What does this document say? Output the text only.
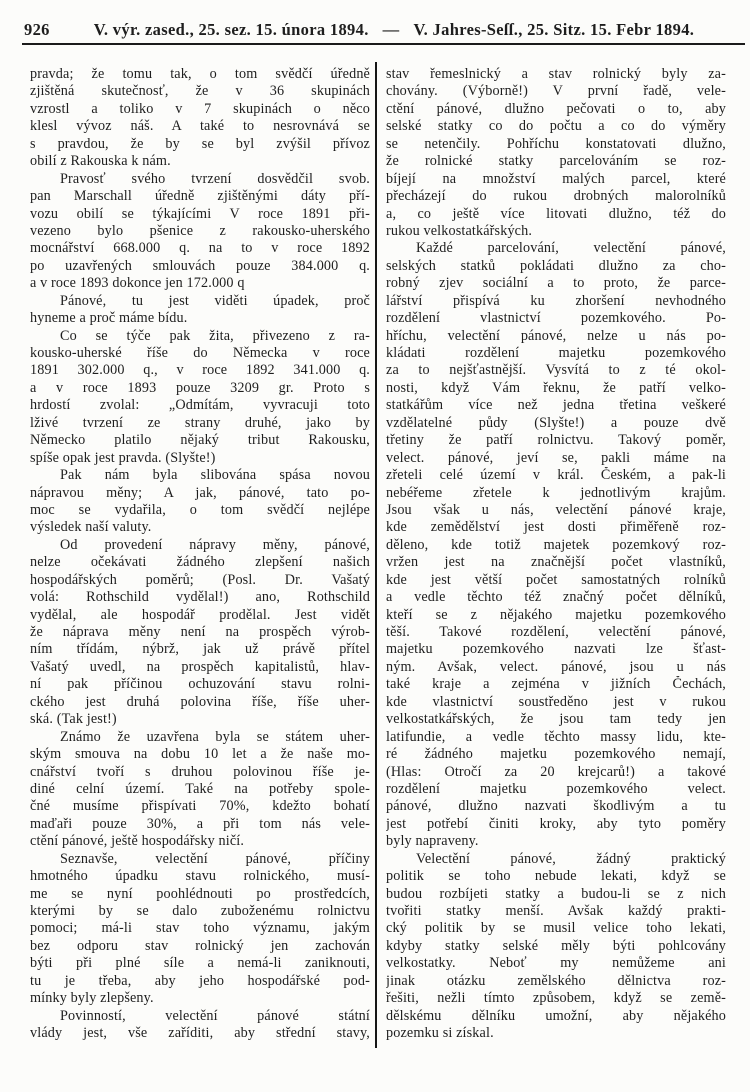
926	V. výr. zased., 25. sez. 15. února 1894. — V. Jahres-Seſſ., 25. Sitz. 15. Febr 1894.
pravda; že tomu tak, o tom svědčí úředně
zjištěná skutečnosť, že v 36 skupinách
vzrostl a toliko v 7 skupinách o něco
klesl vývoz náš. A také to nesrovnává se
s pravdou, že by se byl zvýšil přívoz
obilí z Rakouska k nám.
Pravosť svého tvrzení dosvědčil svob.
pan Marschall úředně zjištěnými dáty pří-
vozu obilí se týkajícími V roce 1891 při-
vezeno bylo pšenice z rakousko-uherského
mocnářství 668.000 q. na to v roce 1892
po uzavřených smlouvách pouze 384.000 q.
a v roce 1893 dokonce jen 172.000 q
Pánové, tu jest viděti úpadek, proč
hyneme a proč máme bídu.
Co se týče pak žita, přivezeno z ra-
kousko-uherské říše do Německa v roce
1891 302.000 q., v roce 1892 341.000 q.
a v roce 1893 pouze 3209 gr. Proto s
hrdostí zvolal: „Odmítám, vyvracuji toto
lživé tvrzení ze strany druhé, jako by
Německo platilo nějaký tribut Rakousku,
spíše opak jest pravda. (Slyšte!)
Pak nám byla slibována spása novou
nápravou měny; A jak, pánové, tato po-
moc se vydařila, o tom svědčí nejlépe
výsledek naší valuty.
Od provedení nápravy měny, pánové,
nelze očekávati žádného zlepšení našich
hospodářských poměrů; (Posl. Dr. Vašatý
volá: Rothschild vydělal!) ano, Rothschild
vydělal, ale hospodář prodělal. Jest vidět
že náprava měny není na prospěch výrob-
ním třídám, nýbrž, jak už právě přítel
Vašatý uvedl, na prospěch kapitalistů, hlav-
ní pak příčinou ochuzování stavu rolni-
ckého jest druhá polovina říše, říše uher-
ská. (Tak jest!)
Známo že uzavřena byla se státem uher-
ským smouva na dobu 10 let a že naše mo-
cnářství tvoří s druhou polovinou říše je-
diné celní území. Také na potřeby spole-
čné musíme přispívati 70%, kdežto bohatí
maďaři pouze 30%, a při tom nás vele-
ctění pánové, ještě hospodářsky ničí.
Seznavše, velectění pánové, příčiny
hmotného úpadku stavu rolnického, musí-
me se nyní poohlédnouti po prostředcích,
kterými by se dalo zuboženému rolnictvu
pomoci; má-li stav toho významu, jakým
bez odporu stav rolnický jen zachován
býti při plné síle a nemá-li zaniknouti,
tu je třeba, aby jeho hospodářské pod-
mínky byly zlepšeny.
Povinností, velectění pánové státní
vlády jest, vše zaříditi, aby střední stavy,
stav řemeslnický a stav rolnický byly za-
chovány. (Výborně!) V první řadě, vele-
ctění pánové, dlužno pečovati o to, aby
selské statky co do počtu a co do výměry
se netenčily. Pohříchu konstatovati dlužno,
že rolnické statky parcelováním se roz-
bíjejí na množství malých parcel, které
přecházejí do rukou drobných malorolníků
a, co ještě více litovati dlužno, též do
rukou velkostatkářských.
Každé parcelování, velectění pánové,
selských statků pokládati dlužno za cho-
robný zjev sociální a to proto, že parce-
lářství přispívá ku zhoršení nevhodného
rozdělení vlastnictví pozemkového. Po-
hříchu, velectění pánové, nelze u nás po-
kládati rozdělení majetku pozemkového
za to nejšťastnější. Vysvítá to z té okol-
nosti, když Vám řeknu, že patří velko-
statkářům více než jedna třetina veškeré
vzdělatelné půdy (Slyšte!) a pouze dvě
třetiny že patří rolnictvu. Takový poměr,
velect. pánové, jeví se, pakli máme na
zřeteli celé území v král. Českém, a pak-li
nebéřeme zřetele k jednotlivým krajům.
Jsou však u nás, velectění pánové kraje,
kde zemědělství jest dosti přiměřeně roz-
děleno, kde totiž majetek pozemkový roz-
vržen jest na značnější počet vlastníků,
kde jest větší počet samostatných rolníků
a vedle těchto též značný počet dělníků,
kteří se z nějakého majetku pozemkového
těší. Takové rozdělení, velectění pánové,
majetku pozemkového nazvati lze šťast-
ným. Avšak, velect. pánové, jsou u nás
také kraje a zejména v jižních Čechách,
kde vlastnictví soustředěno jest v rukou
velkostatkářských, že jsou tam tedy jen
latifundie, a vedle těchto massy lidu, kte-
ré žádného majetku pozemkového nemají,
(Hlas: Otročí za 20 krejcarů!) a takové
rozdělení majetku pozemkového velect.
pánové, dlužno nazvati škodlivým a tu
jest potřebí činiti kroky, aby tyto poměry
byly napraveny.
Velectění pánové, žádný praktický
politik se toho nebude lekati, když se
budou rozbíjeti statky a budou-li se z nich
tvořiti statky menší. Avšak každý prakti-
cký politik by se musil velice toho lekati,
kdyby statky selské měly býti pohlcovány
velkostatky. Neboť my nemůžeme ani
jinak otázku zemělského dělnictva roz-
řešiti, nežli tímto způsobem, když se země-
dělskému dělníku umožní, aby nějakého
pozemku si získal.
